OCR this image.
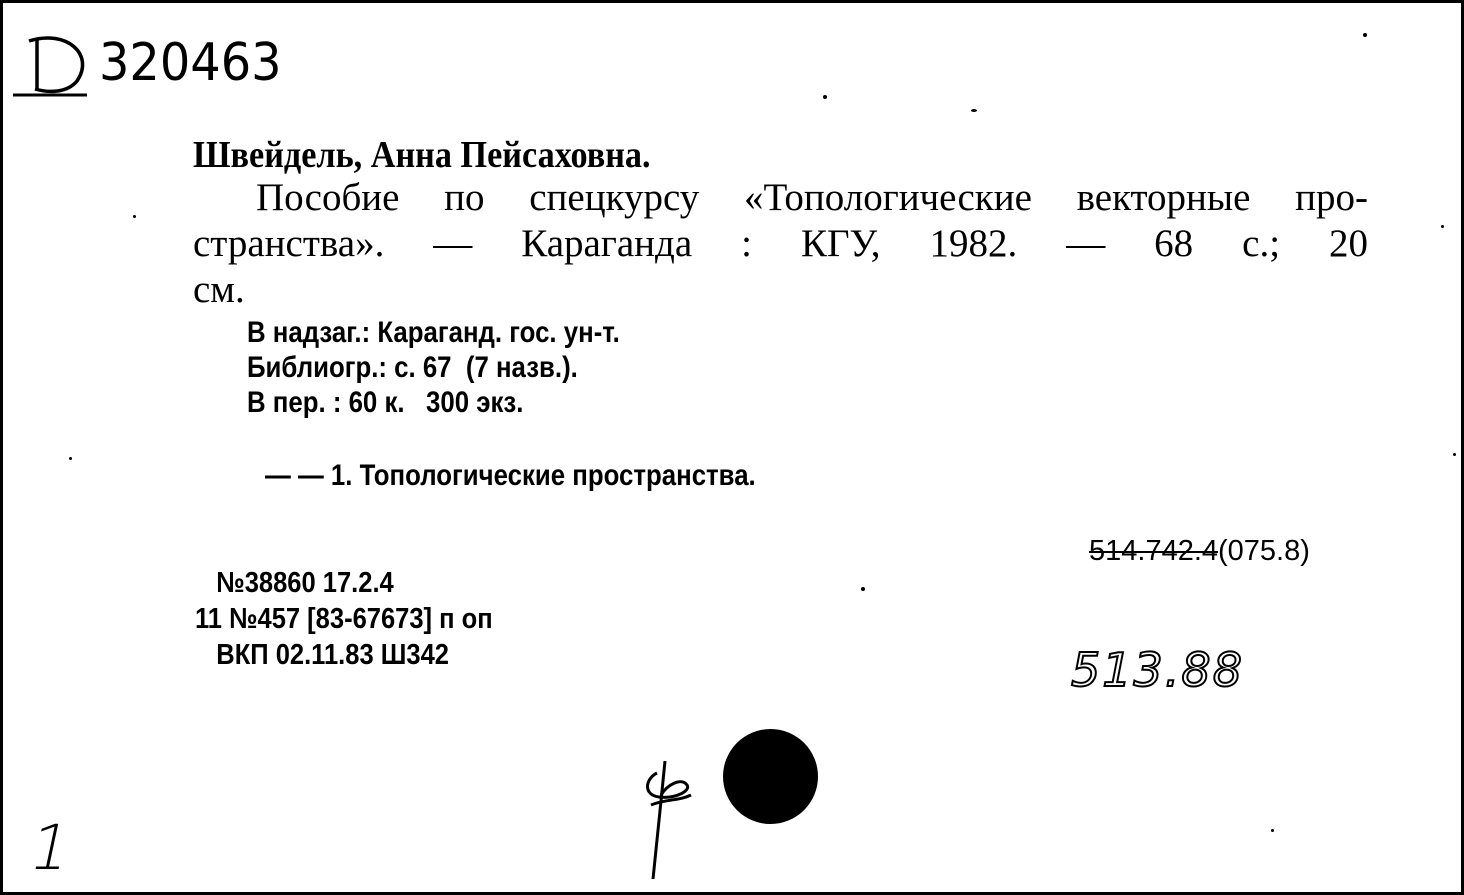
320463
Швейдель, Анна Пейсаховна.
Пособие по спецкурсу «Топологические векторные про-
странства». — Караганда : КГУ, 1982. — 68 с.; 20
см.
В надзаг.: Караганд. гос. ун-т.
Библиогр.: с. 67  (7 назв.).
В пер. : 60 к.   300 экз.
— — 1. Топологические пространства.
514.742.4(075.8)
№38860 17.2.4
11 №457 [83-67673] п оп
ВКП 02.11.83 Ш342	513.88
1
